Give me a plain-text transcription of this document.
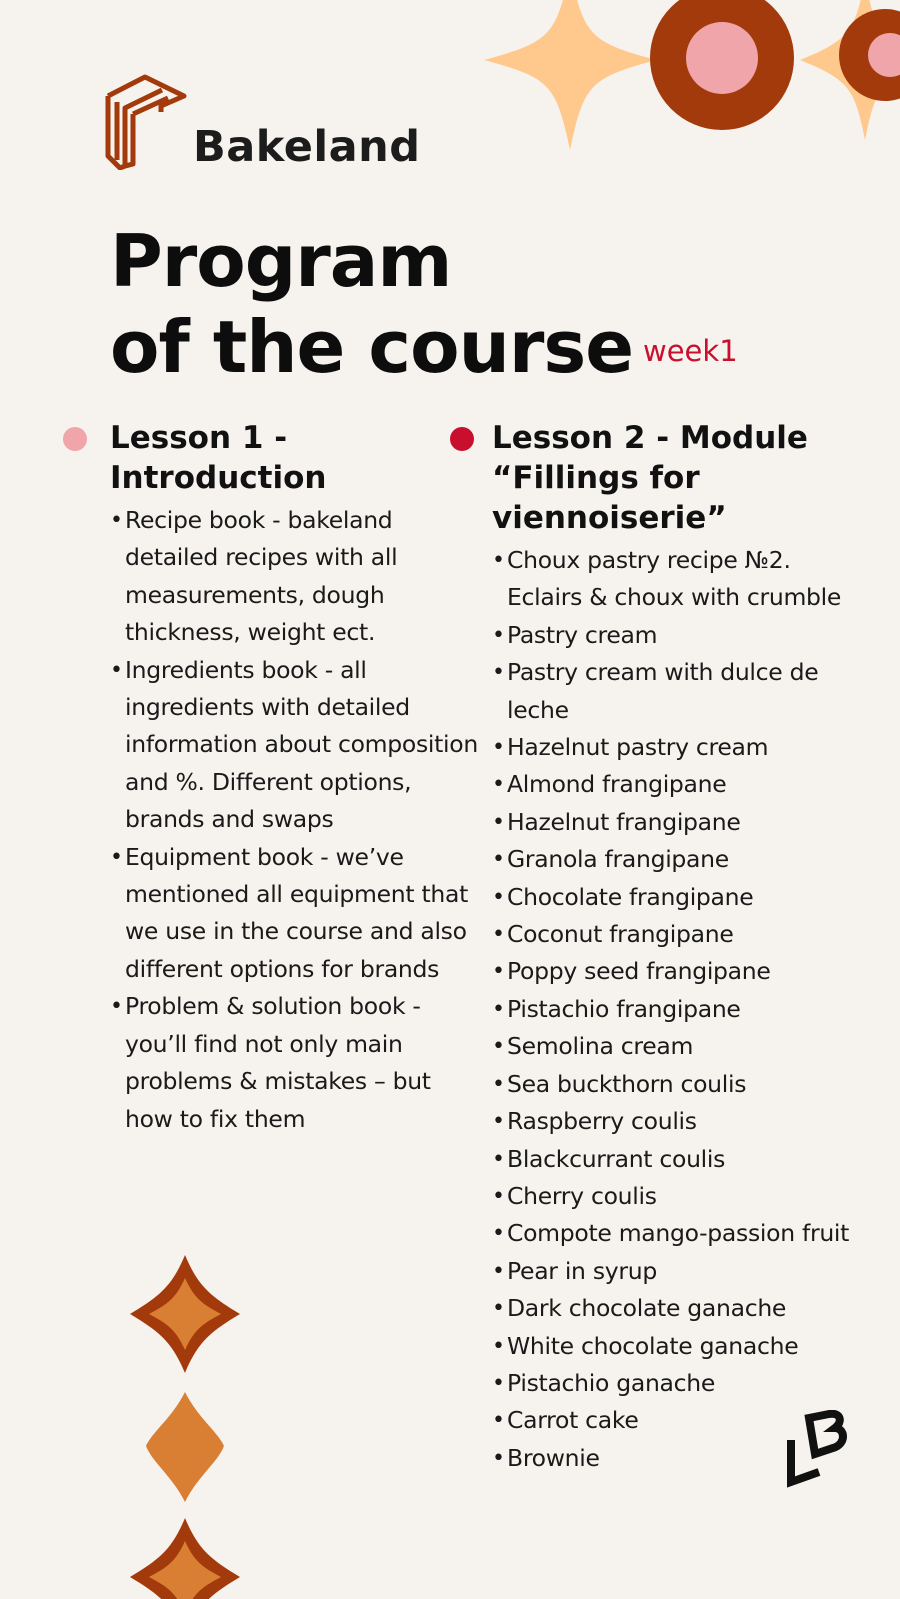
Bakeland
Program
of the course week1
Lesson 1 -
Introduction
• Recipe book - bakeland detailed recipes with all measurements, dough thickness, weight ect.
• Ingredients book - all ingredients with detailed information about composition and %. Different options, brands and swaps
• Equipment book - we’ve mentioned all equipment that we use in the course and also different options for brands
• Problem & solution book - you’ll find not only main problems & mistakes – but how to fix them
Lesson 2 - Module
“Fillings for
viennoiserie”
• Choux pastry recipe №2. Eclairs & choux with crumble
• Pastry cream
• Pastry cream with dulce de leche
• Hazelnut pastry cream
• Almond frangipane
• Hazelnut frangipane
• Granola frangipane
• Chocolate frangipane
• Coconut frangipane
• Poppy seed frangipane
• Pistachio frangipane
• Semolina cream
• Sea buckthorn coulis
• Raspberry coulis
• Blackcurrant coulis
• Cherry coulis
• Compote mango-passion fruit
• Pear in syrup
• Dark chocolate ganache
• White chocolate ganache
• Pistachio ganache
• Carrot cake
• Brownie
